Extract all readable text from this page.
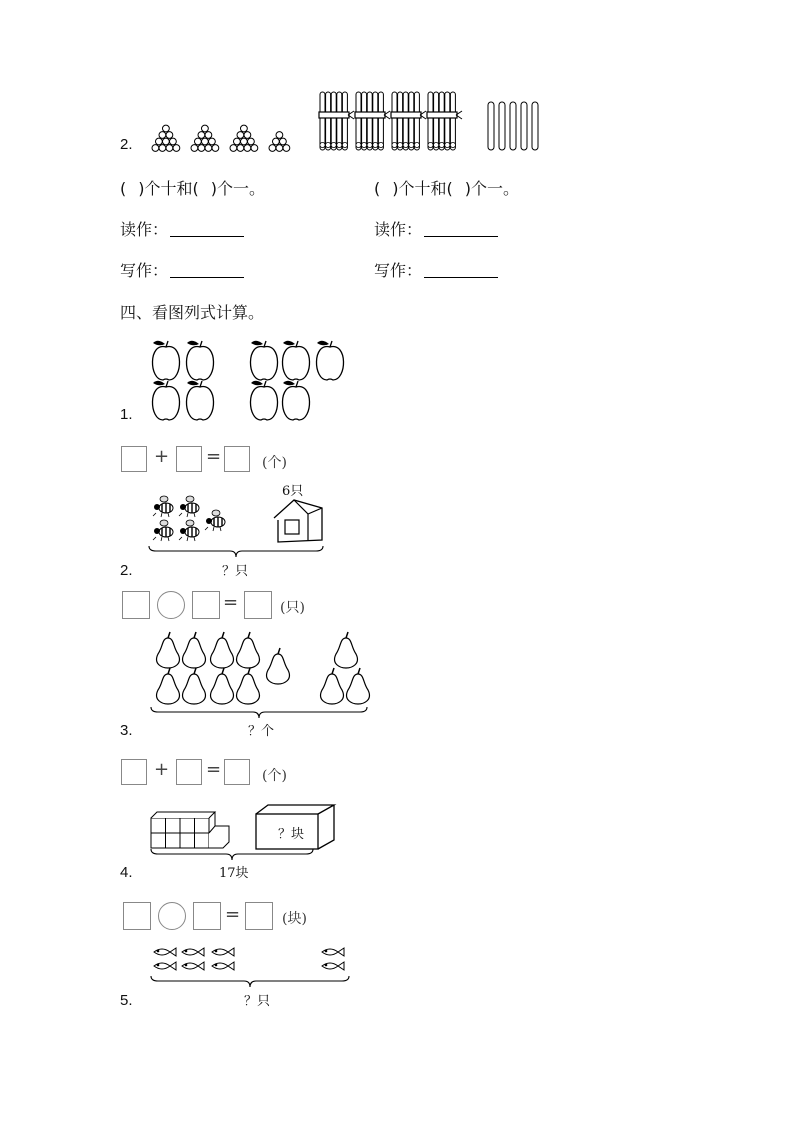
2.
( )个十和( )个一。	( )个十和( )个一。
读作：	读作：
写作：	写作：
四、看图列式计算。
1.
+ =	(个)
6只
？只
2.
=	(只)
？个
3.
+ =	(个)
？块
17块
4.
=	(块)
？只
5.
